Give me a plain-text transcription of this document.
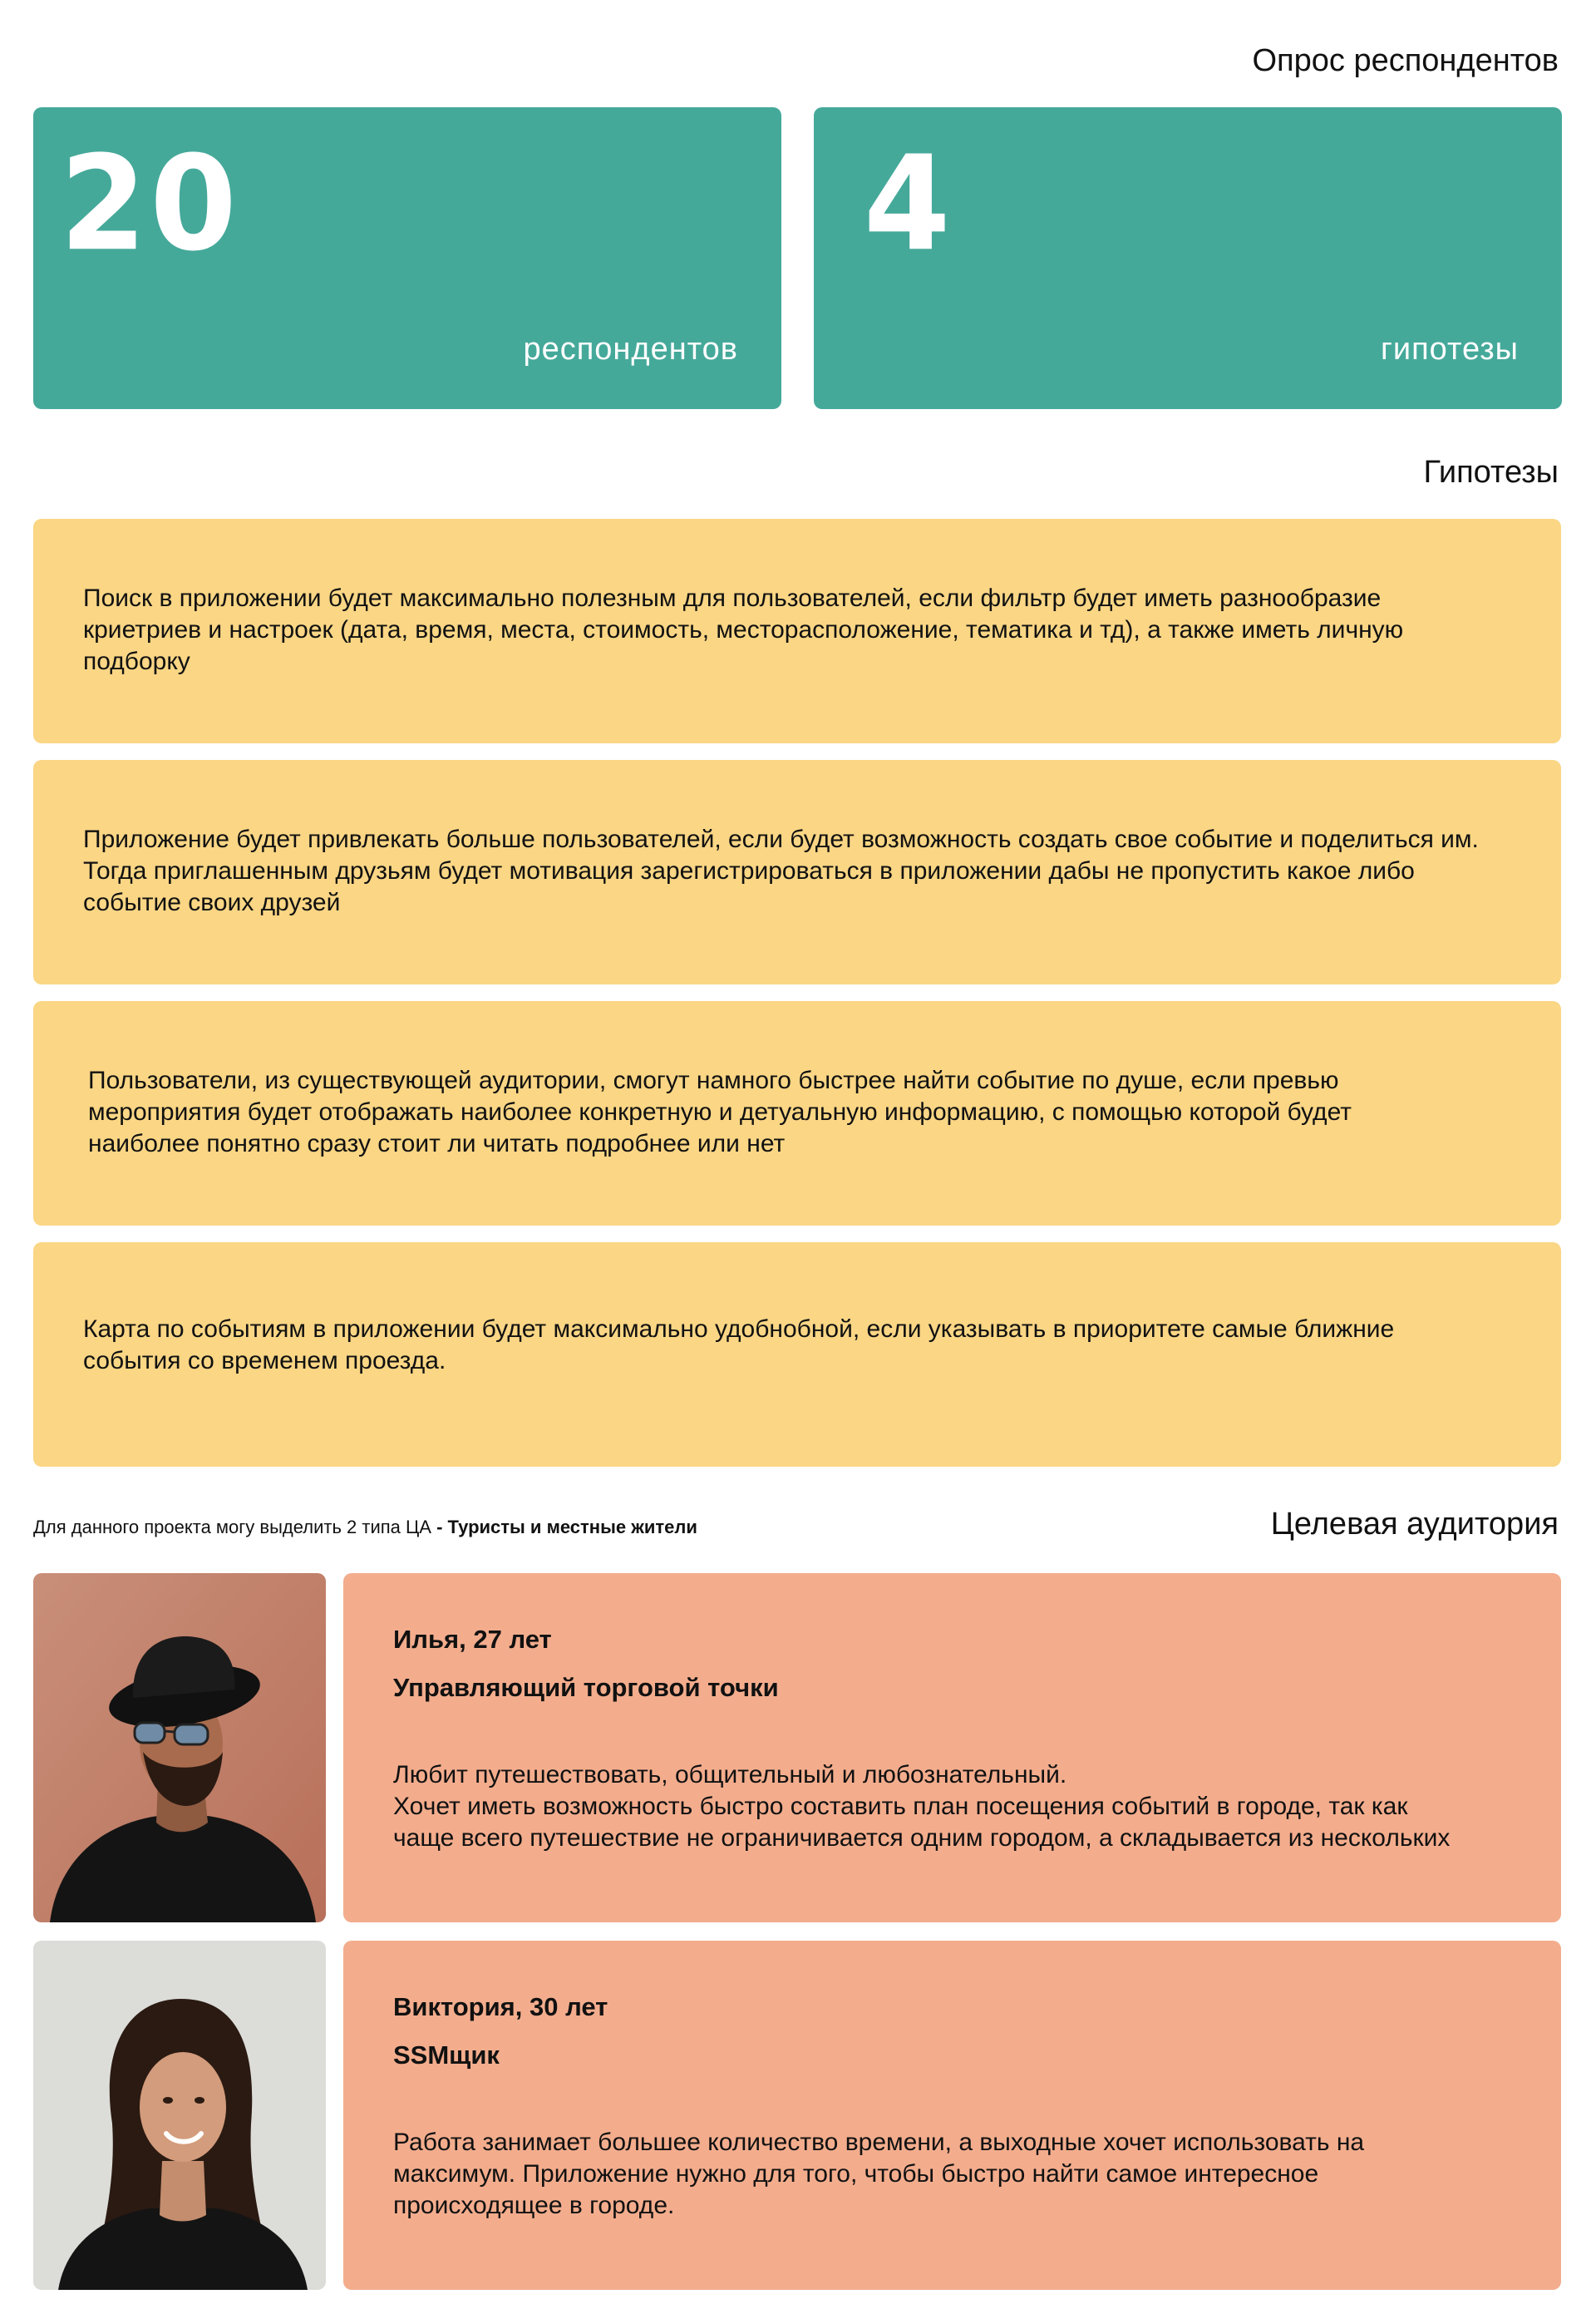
Опрос респондентов
20
респондентов
4
гипотезы
Гипотезы
Поиск в приложении будет максимально полезным для пользователей, если фильтр будет иметь разнообразие
криетриев и настроек (дата, время, места, стоимость, месторасположение, тематика и тд), а также иметь личную
подборку
Приложение будет привлекать больше пользователей, если будет возможность создать свое событие и поделиться им.
Тогда приглашенным друзьям будет мотивация зарегистрироваться в приложении дабы не пропустить какое либо
событие своих друзей
Пользователи, из существующей аудитории, смогут намного быстрее найти событие по душе, если превью
мероприятия будет отображать наиболее конкретную и детуальную информацию, с помощью которой будет
наиболее понятно сразу стоит ли читать подробнее или нет
Карта по событиям в приложении будет максимально удобнобной, если указывать в приоритете самые ближние
события со временем проезда.
Для данного проекта могу выделить 2 типа ЦА - Туристы и местные жители	Целевая аудитория
Илья, 27 лет
Управляющий торговой точки
Любит путешествовать, общительный и любознательный.
Хочет иметь возможность быстро составить план посещения событий в городе, так как
чаще всего путешествие не ограничивается одним городом, а складывается из нескольких
Виктория, 30 лет
SSMщик
Работа занимает большее количество времени, а выходные хочет использовать на
максимум. Приложение нужно для того, чтобы быстро найти самое интересное
происходящее в городе.
